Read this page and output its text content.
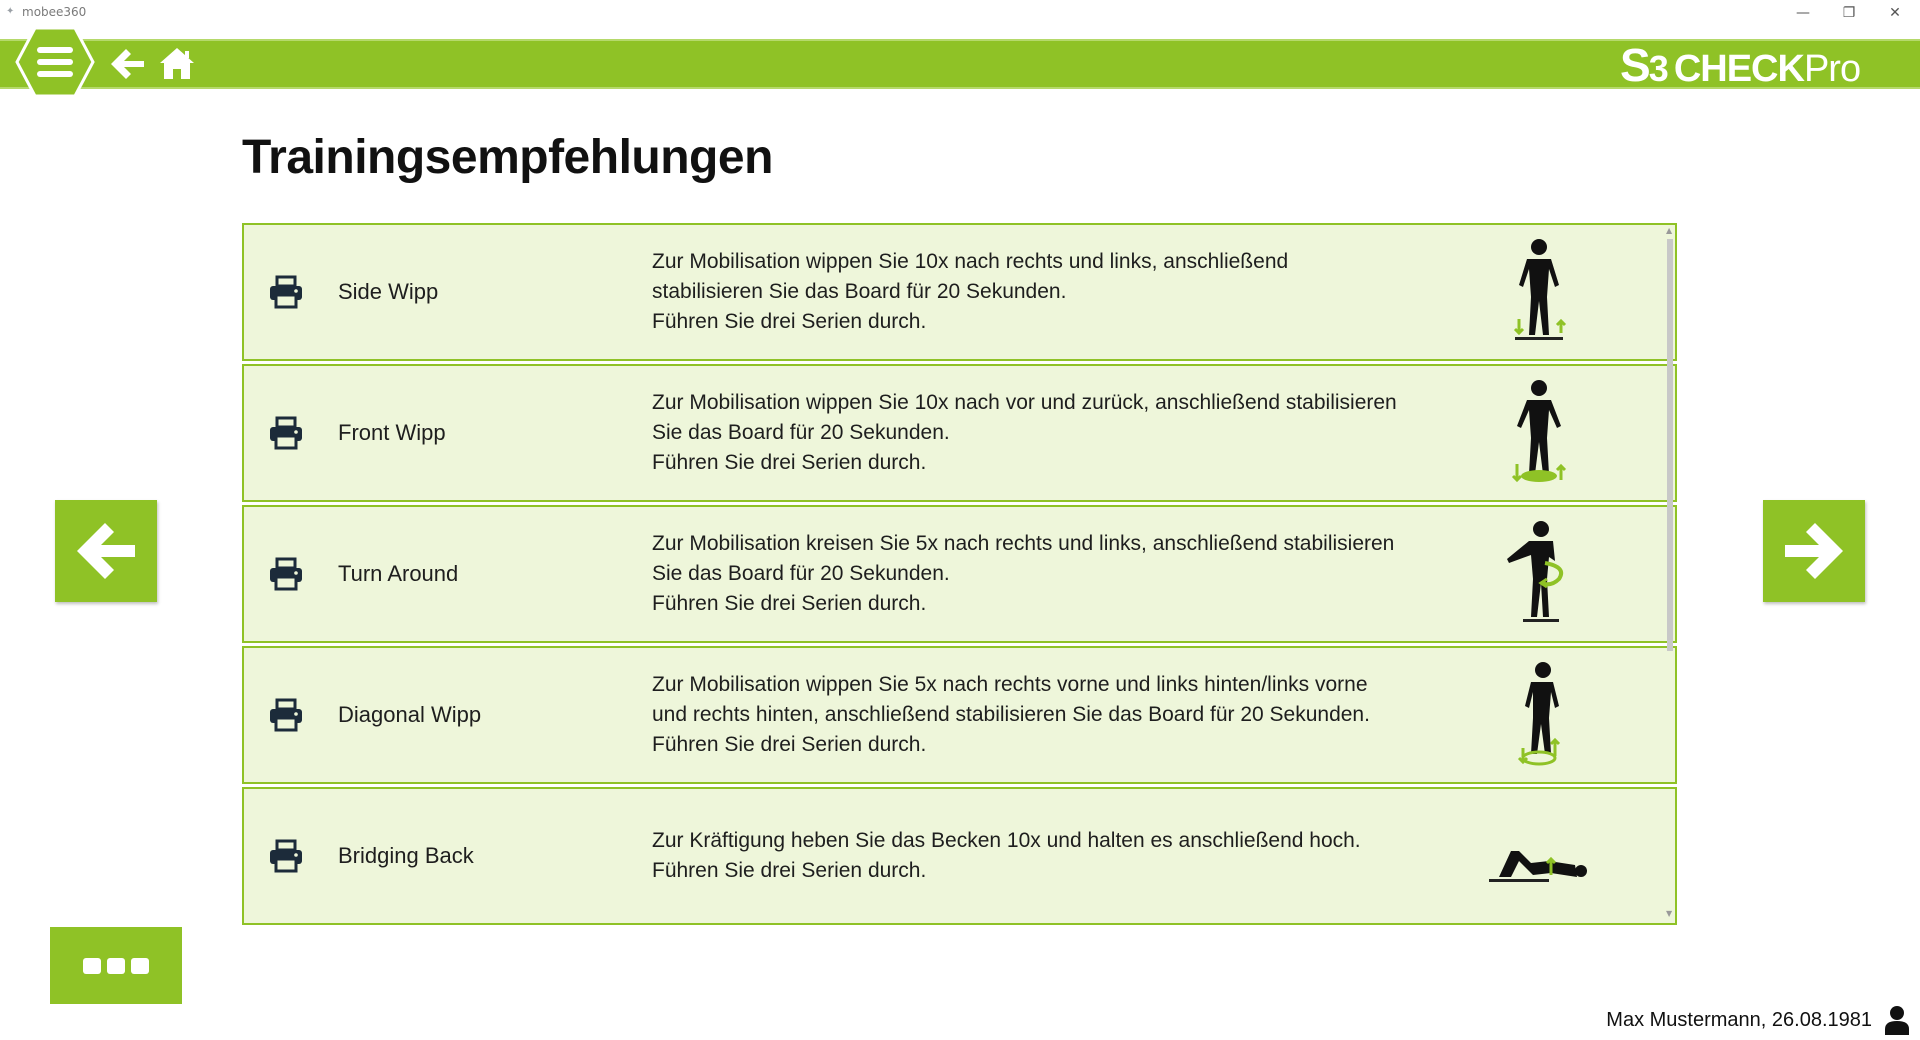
✦ mobee360	—	❐	✕
S3 CHECKPro
Trainingsempfehlungen
Side Wipp
Zur Mobilisation wippen Sie 10x nach rechts und links, anschließend
stabilisieren Sie das Board für 20 Sekunden.
Führen Sie drei Serien durch.
Front Wipp
Zur Mobilisation wippen Sie 10x nach vor und zurück, anschließend stabilisieren
Sie das Board für 20 Sekunden.
Führen Sie drei Serien durch.
Turn Around
Zur Mobilisation kreisen Sie 5x nach rechts und links, anschließend stabilisieren
Sie das Board für 20 Sekunden.
Führen Sie drei Serien durch.
Diagonal Wipp
Zur Mobilisation wippen Sie 5x nach rechts vorne und links hinten/links vorne
und rechts hinten, anschließend stabilisieren Sie das Board für 20 Sekunden.
Führen Sie drei Serien durch.
Bridging Back
Zur Kräftigung heben Sie das Becken 10x und halten es anschließend hoch.
Führen Sie drei Serien durch.
▲
▼
Max Mustermann, 26.08.1981
